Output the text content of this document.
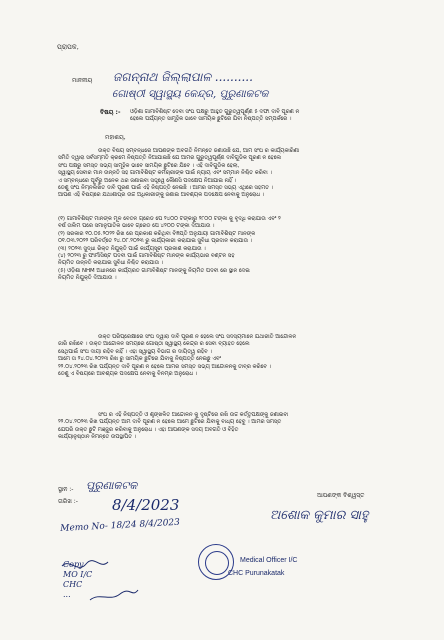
ପ୍ରାପକ,
ମାନନୀୟ ଜଗନ୍ନାଥ ଜିଲ୍ଲାପାଳ ..........
ଗୋଷ୍ଠୀ ସ୍ୱାସ୍ଥ୍ୟ କେନ୍ଦ୍ର, ପୁରୁଣାକଟକ
ବିଷୟ :- ଓଡ଼ିଶା ଗାମୀବିଶିଷ୍ଟ ଦେବା ସଂଘ ପକ୍ଷରୁ ଆହୁତ ଗୁରୁତ୍ୱପୂର୍ଣ୍ଣ ୫ ଦଫା ଦାବି ପୂରଣ ନ

ହେଲେ ପର୍ଯ୍ୟନ୍ତ ସାମୂହିକ ଭାବେ ସାମୟିକ ଛୁଟିରେ ଯିବା ନିଷ୍ପତ୍ତି ସମ୍ପର୍କରେ ।

ମହାଶୟ,

ଉକ୍ତ ବିଷୟ ସମ୍ବନ୍ଧରେ ଆପଣଙ୍କ ଅବଗତି ନିମନ୍ତେ ଜଣାଉଛି ଯେ, ଆମ ସଂଘ ର କାର୍ଯ୍ୟକାରିଣୀ

ସମିତି ଦ୍ୱାରା ସର୍ବସମ୍ମତି କ୍ରମେ ନିଷ୍ପତ୍ତି ନିଆଯାଇଛି ଯେ ଆମର ଗୁରୁତ୍ୱପୂର୍ଣ୍ଣ ଦାବିଗୁଡିକ ପୂରଣ ନ ହେଲେ

ସଂଘ ପକ୍ଷରୁ ସମସ୍ତ ସଭ୍ୟ ସାମୂହିକ ଭାବେ ସାମୟିକ ଛୁଟିରେ ଯିବେ । ଏହି ଦାବିଗୁଡିକ ହେଲା,

ସ୍ୱାସ୍ଥ୍ୟ ସେବାର ମାନ ଉନ୍ନତି ସହ ଗାମୀବିଶିଷ୍ଟ କର୍ମଚାରୀଙ୍କ ପାଇଁ ନ୍ୟାୟ ଏବଂ ସମ୍ମାନ ନିଶ୍ଚିତ କରିବା ।

ଏ ସମ୍ବନ୍ଧରେ ପୂର୍ବରୁ ଅନେକ ଥର ଜଣାଇବା ସତ୍ତ୍ୱେ କୌଣସି ପଦକ୍ଷେପ ନିଆଯାଇ ନାହିଁ ।

ତେଣୁ ସଂଘ ନିମ୍ନଲିଖିତ ଦାବି ପୂରଣ ପାଇଁ ଏହି ନିଷ୍ପତ୍ତି ନେଇଛି । ଆମର ସମସ୍ତ ସଭ୍ୟ ଏଥିରେ ସହମତ ।

ଆପଣ ଏହି ବିଷୟରେ ଯଥାଶୀଘ୍ର ଉଚ୍ଚ ଅଧିକାରୀଙ୍କୁ ଜଣାଇ ଆବଶ୍ୟକ ପଦକ୍ଷେପ ନେବାକୁ ଅନୁରୋଧ ।

(୧) ଗାମୀବିଶିଷ୍ଟ ମାନଙ୍କ ମୂଳ ବେତନ ଗ୍ରେଡ ପେ ୨୪୦୦ ଟଙ୍କାରୁ ୨୮୦୦ ଟଙ୍କା କୁ ବୃଦ୍ଧି କରାଯାଉ ଏବଂ ୨

ବର୍ଷ ତାଲିମ ପରେ ସମାନୁପାତିକ ଭାବେ ଗ୍ରେଡ ପେ ୪୨୦୦ ଟଙ୍କା ଦିଆଯାଉ ।

(୨) ସରକାର ୧୦.୦୫.୨୦୨୨ ରିଖ ରେ ପ୍ରକାଶ କରିଥିବା ବିଜ୍ଞପ୍ତି ଅନୁଯାୟୀ ଗାମୀବିଶିଷ୍ଟ ମାନଙ୍କ

୦୧.୦୩.୨୦୨୨ ପରିବର୍ତ୍ତେ ୨୪.୦୮.୨୦୨୩ ରୁ କାର୍ଯ୍ୟକାରୀ କରାଯାଇ ସୁବିଧା ପ୍ରଦାନ କରାଯାଉ ।

(୩) ୨୦୨୩ ସୁଦ୍ଧା ରିକ୍ତ ନିଯୁକ୍ତି ପାଇଁ କାର୍ଯ୍ୟସୂଚୀ ପ୍ରକାଶ କରାଯାଉ ।

(୪) ୨୦୨୩ ରୁ ଫାର୍ମାସିଷ୍ଟ ପଦବୀ ପାଇଁ ଗାମୀବିଶିଷ୍ଟ ମାନଙ୍କ କାର୍ଯ୍ୟଭାର ବଣ୍ଟନ ସହ

ନିୟମିତ ଉନ୍ନତି କରାଯାଇ ସୁବିଧା ନିଶ୍ଚିତ କରାଯାଉ ।

(୫) ଓଡ଼ିଶା NHM ଅଧୀନରେ କାର୍ଯ୍ୟରତ ଗାମୀବିଶିଷ୍ଟ ମାନଙ୍କୁ ନିୟମିତ ପଦବୀ ରେ ସ୍ଥାନ ଦେଇ

ନିୟମିତ ନିଯୁକ୍ତି ଦିଆଯାଉ ।

ଉକ୍ତ ପରିପ୍ରେକ୍ଷୀରେ ସଂଘ ଦ୍ୱାରା ଦାବି ପୂରଣ ନ ହେଲେ ସଂଘ ସଦସ୍ୟମାନେ ଯଥାରୀତି ଆନ୍ଦୋଳନ

ଜାରି ରଖିବେ । ଉକ୍ତ ଆନ୍ଦୋଳନ ସମୟରେ ଗୋଷ୍ଠୀ ସ୍ୱାସ୍ଥ୍ୟ କେନ୍ଦ୍ର ର ସେବା ବ୍ୟାହତ ହେଲେ

ସେଥିପାଇଁ ସଂଘ ଦାୟୀ ରହିବ ନାହିଁ । ଏହା ସ୍ୱାସ୍ଥ୍ୟ ବିଭାଗ ର ଦାୟିତ୍ୱ ରହିବ ।

ଆମେ ତା ୨୪.୦୪.୨୦୨୩ ରିଖ ରୁ ସାମୟିକ ଛୁଟିରେ ଯିବାକୁ ନିଷ୍ପତ୍ତି ନେଇଛୁ ଏବଂ

୨୨.୦୪.୨୦୨୩ ରିଖ ପର୍ଯ୍ୟନ୍ତ ଦାବି ପୂରଣ ନ ହେଲେ ଆମର ସମସ୍ତ ସଭ୍ୟ ଆନ୍ଦୋଳନକୁ ତୀବ୍ର କରିବେ ।

ତେଣୁ ଏ ବିଷୟରେ ଆବଶ୍ୟକ ପଦକ୍ଷେପ ନେବାକୁ ବିନମ୍ର ଅନୁରୋଧ ।

ସଂଘ ର ଏହି ନିଷ୍ପତ୍ତି ଓ ଶୃଙ୍ଖଳିତ ଆନ୍ଦୋଳନ କୁ ଦୃଷ୍ଟିରେ ରଖି ଉଚ୍ଚ କର୍ତ୍ତୃପକ୍ଷଙ୍କୁ ଜଣାଇବା

୨୨.୦୪.୨୦୨୩ ରିଖ ପର୍ଯ୍ୟନ୍ତ ଆମ ଦାବି ପୂରଣ ନ ହେଲେ ଆମେ ଛୁଟିରେ ଯିବାକୁ ବାଧ୍ୟ ହେବୁ । ଆମର ସମସ୍ତ

ଯେପରି ଉକ୍ତ ଛୁଟି ମଞ୍ଜୁର କରିବାକୁ ଅନୁରୋଧ । ଏହା ଆପଣଙ୍କ ସଦୟ ଅବଗତି ଓ ବିହିତ

କାର୍ଯ୍ୟାନୁଷ୍ଠାନ ନିମନ୍ତେ ଉପସ୍ଥାପିତ ।

ସ୍ଥାନ :- ପୁରୁଣାକଟକ
ତାରିଖ :- 8/4/2023
Memo No- 18/24 8/4/2023
ଆପଣଙ୍କ ବିଶ୍ୱସ୍ତ
ଅଶୋକ କୁମାର ସାହୁ
Medical Officer I/C
CHC Purunakatak

Copy

MO I/C

CHC

...
